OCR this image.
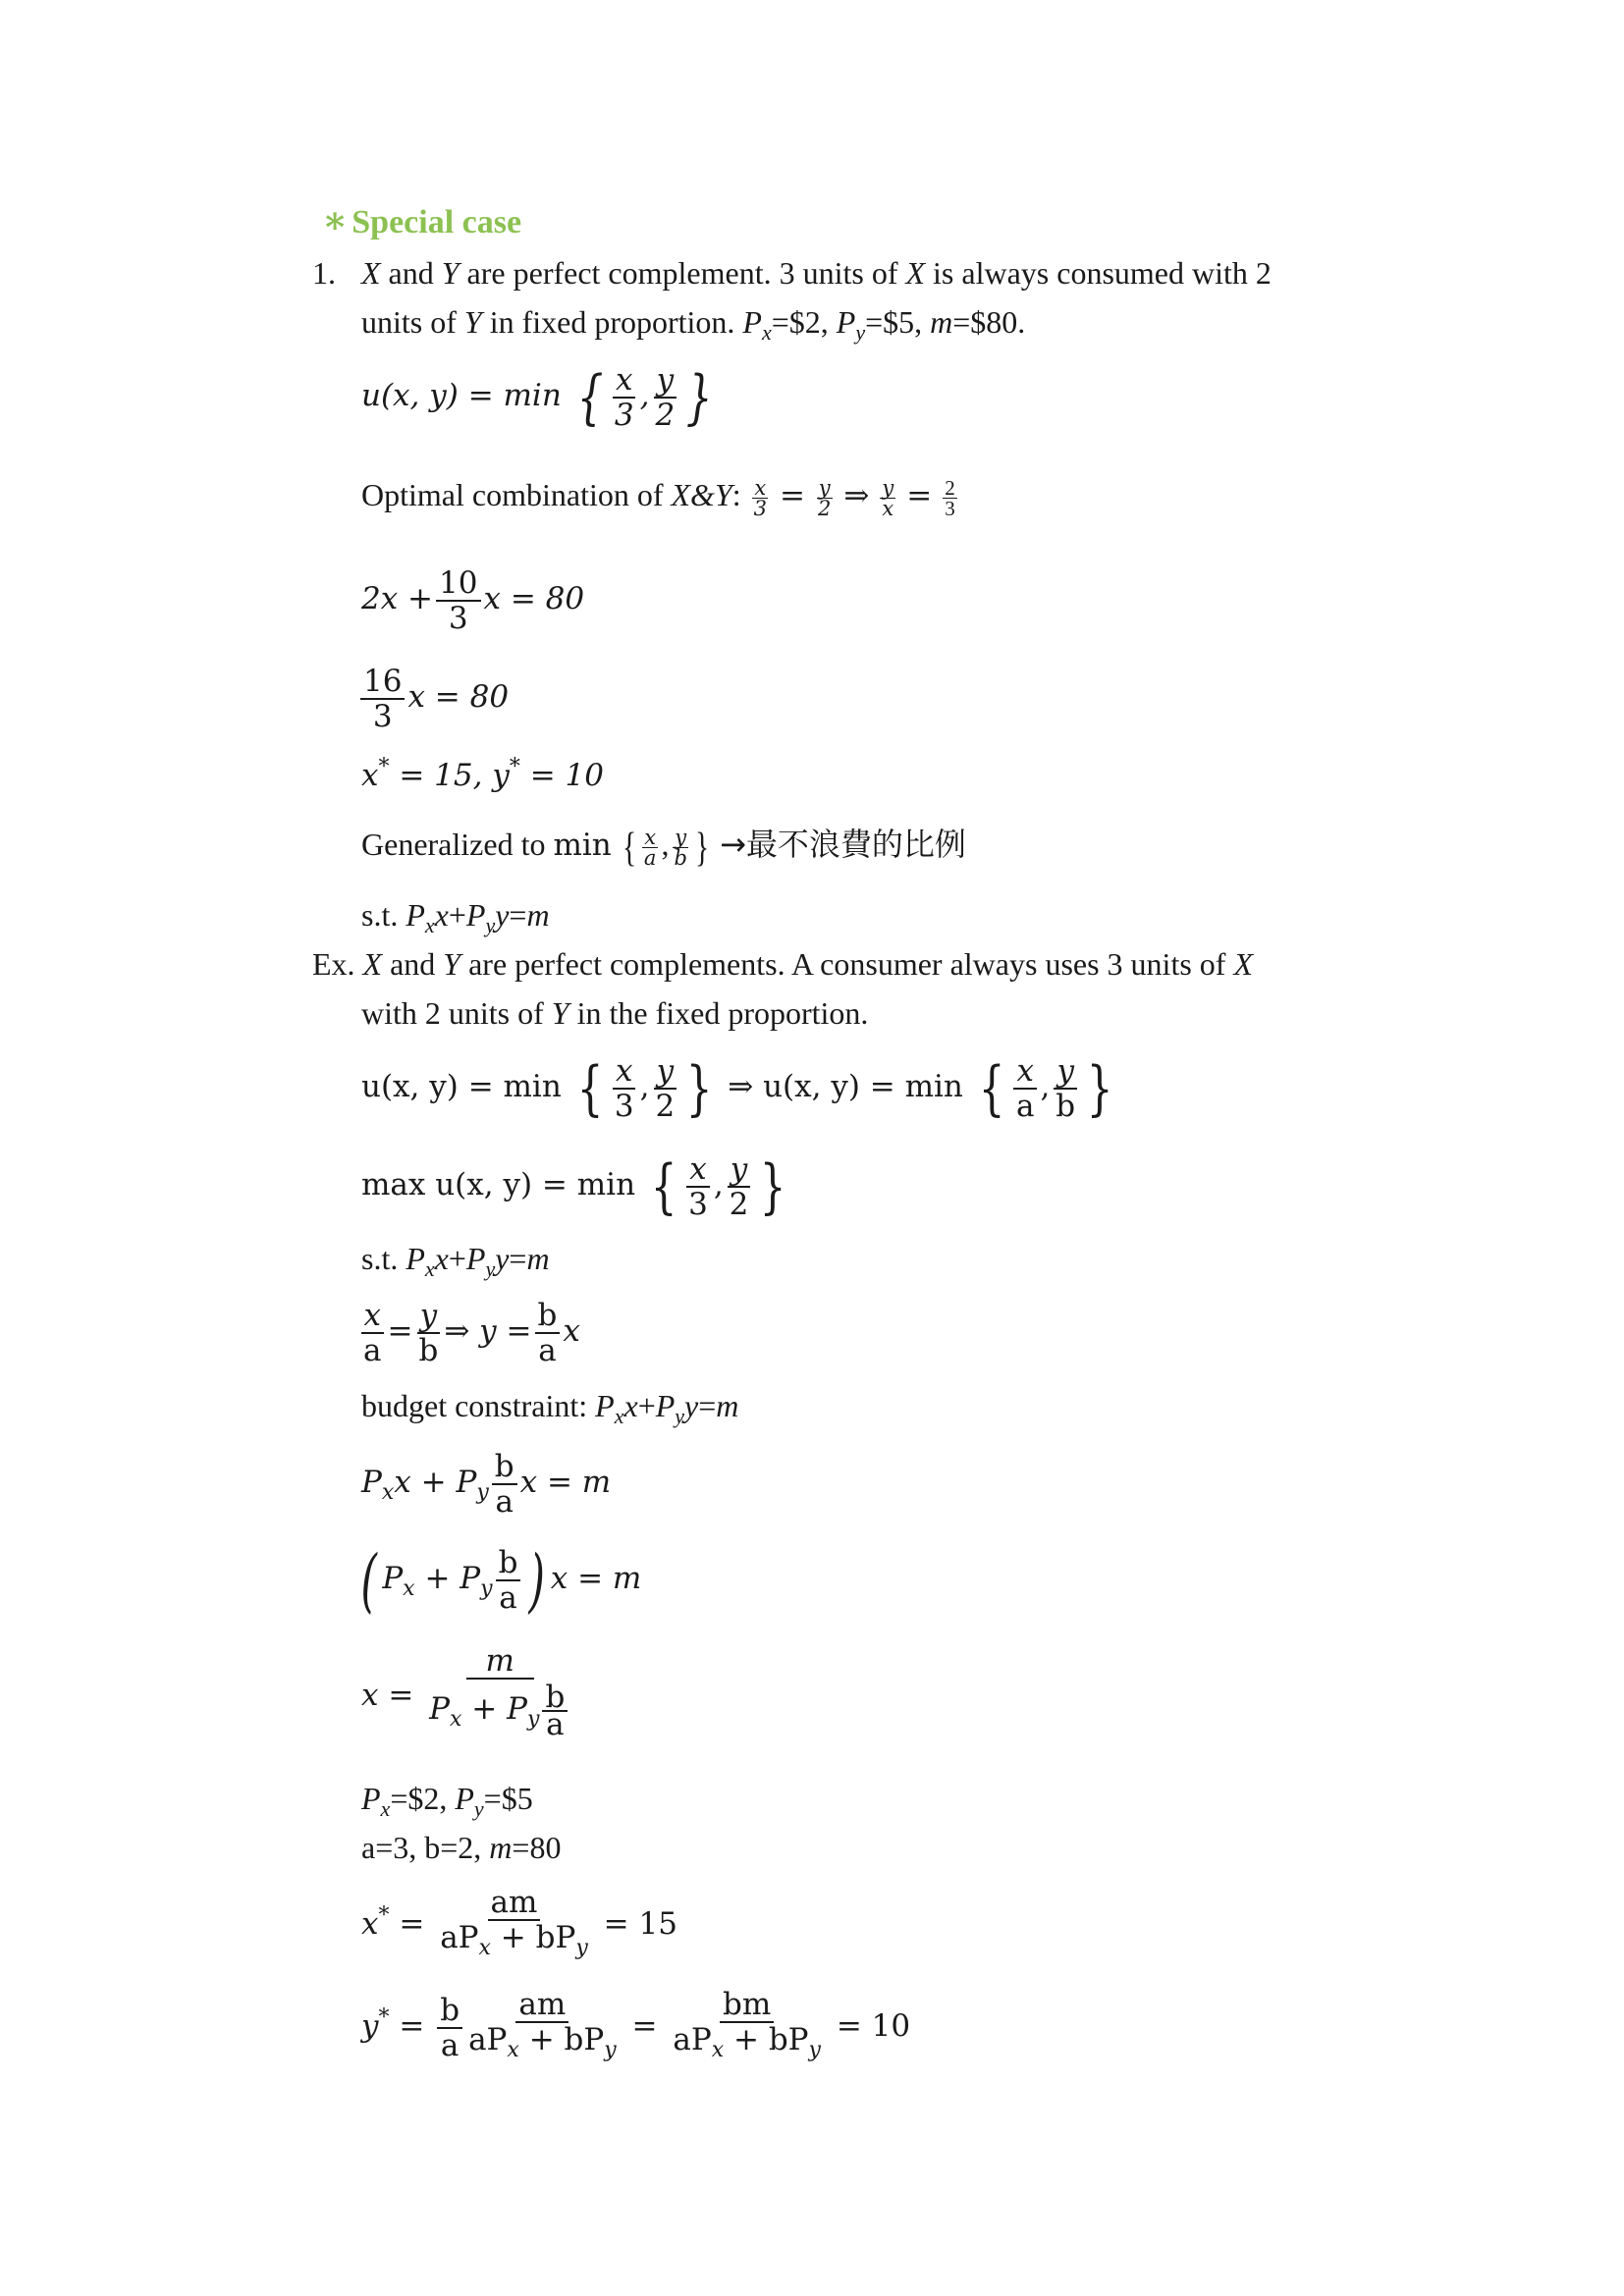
∗ Special case
1. X and Y are perfect complement. 3 units of X is always consumed with 2
units of Y in fixed proportion. $P_x=\$2$, $P_y=\$5$, m=$80.
u(x, y) = min { $\frac{x}{3}$ , $\frac{y}{2}$ }
Optimal combination of X&Y: $\frac{x}{3} = \frac{y}{2}$ ⇒ $\frac{y}{x} = \frac{2}{3}$
$2x + \frac{10}{3}$ x = 80
$\frac{16}{3}$ x = 80
x* = 15, y* = 10
Generalized to min { $\frac{x}{a}$ , $\frac{y}{b}$ } →最不浪費的比例
s.t. $P_xx+P_yy=m$
Ex. X and Y are perfect complements. A consumer always uses 3 units of X
with 2 units of Y in the fixed proportion.
u(x, y) = min { $\frac{x}{3}$ , $\frac{y}{2}$ } ⇒ u(x, y) = min { $\frac{x}{a}$ , $\frac{y}{b}$ }
max u(x, y) = min { $\frac{x}{3}$ , $\frac{y}{2}$ }
s.t. $P_xx+P_yy=m$
$\frac{x}{a} = \frac{y}{b}$ ⇒ $y = \frac{b}{a}$ x
budget constraint: $P_xx+P_yy=m$
$P_xx + P_y \frac{b}{a}$ x = m
( $P_x + P_y \frac{b}{a}$ ) x = m
$x = \frac{m}{P_x + P_y \frac{b}{a}}$
$P_x=\$2$, $P_y=\$5$
a=3, b=2, m=80
$x^* = \frac{am}{aP_x + bP_y} = 15$
$y^* = \frac{b}{a} \frac{am}{aP_x + bP_y} = \frac{bm}{aP_x + bP_y} = 10$
